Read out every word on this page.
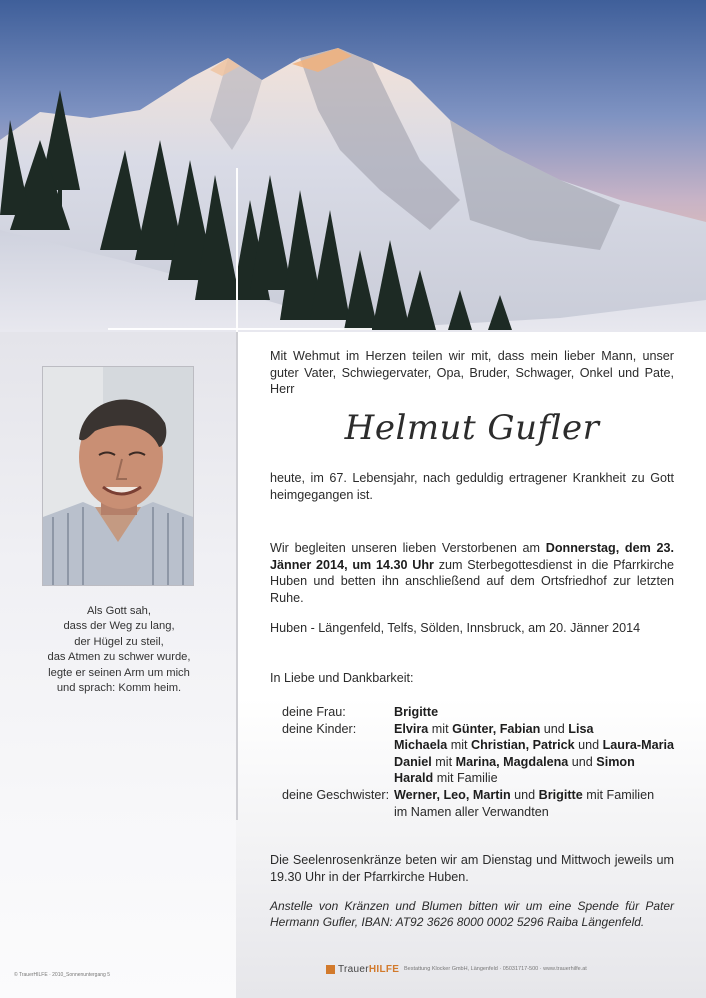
Als Gott sah,
dass der Weg zu lang,
der Hügel zu steil,
das Atmen zu schwer wurde,
legte er seinen Arm um mich
und sprach: Komm heim.
Mit Wehmut im Herzen teilen wir mit, dass mein lieber Mann, unser guter Vater, Schwiegervater, Opa, Bruder, Schwager, Onkel und Pate, Herr
Helmut Gufler
heute, im 67. Lebensjahr, nach geduldig ertragener Krankheit zu Gott heimgegangen ist.
Wir begleiten unseren lieben Verstorbenen am Donnerstag, dem 23. Jänner 2014, um 14.30 Uhr zum Sterbegottesdienst in die Pfarrkirche Huben und betten ihn anschließend auf dem Ortsfriedhof zur letzten Ruhe.
Huben - Längenfeld, Telfs, Sölden, Innsbruck, am 20. Jänner 2014
In Liebe und Dankbarkeit:
deine Frau:	Brigitte
deine Kinder:	Elvira mit Günter, Fabian und Lisa
Michaela mit Christian, Patrick und Laura-Maria
Daniel mit Marina, Magdalena und Simon
Harald mit Familie
deine Geschwister: Werner, Leo, Martin und Brigitte mit Familien
im Namen aller Verwandten
Die Seelenrosenkränze beten wir am Dienstag und Mittwoch jeweils um 19.30 Uhr in der Pfarrkirche Huben.
Anstelle von Kränzen und Blumen bitten wir um eine Spende für Pater Hermann Gufler, IBAN: AT92 3626 8000 0002 5296 Raiba Längenfeld.
© TrauerHILFE · 2010_Sonnenuntergang 5	TrauerHILFE Bestattung Klocker GmbH, Längenfeld · 05031717-500 · www.trauerhilfe.at
